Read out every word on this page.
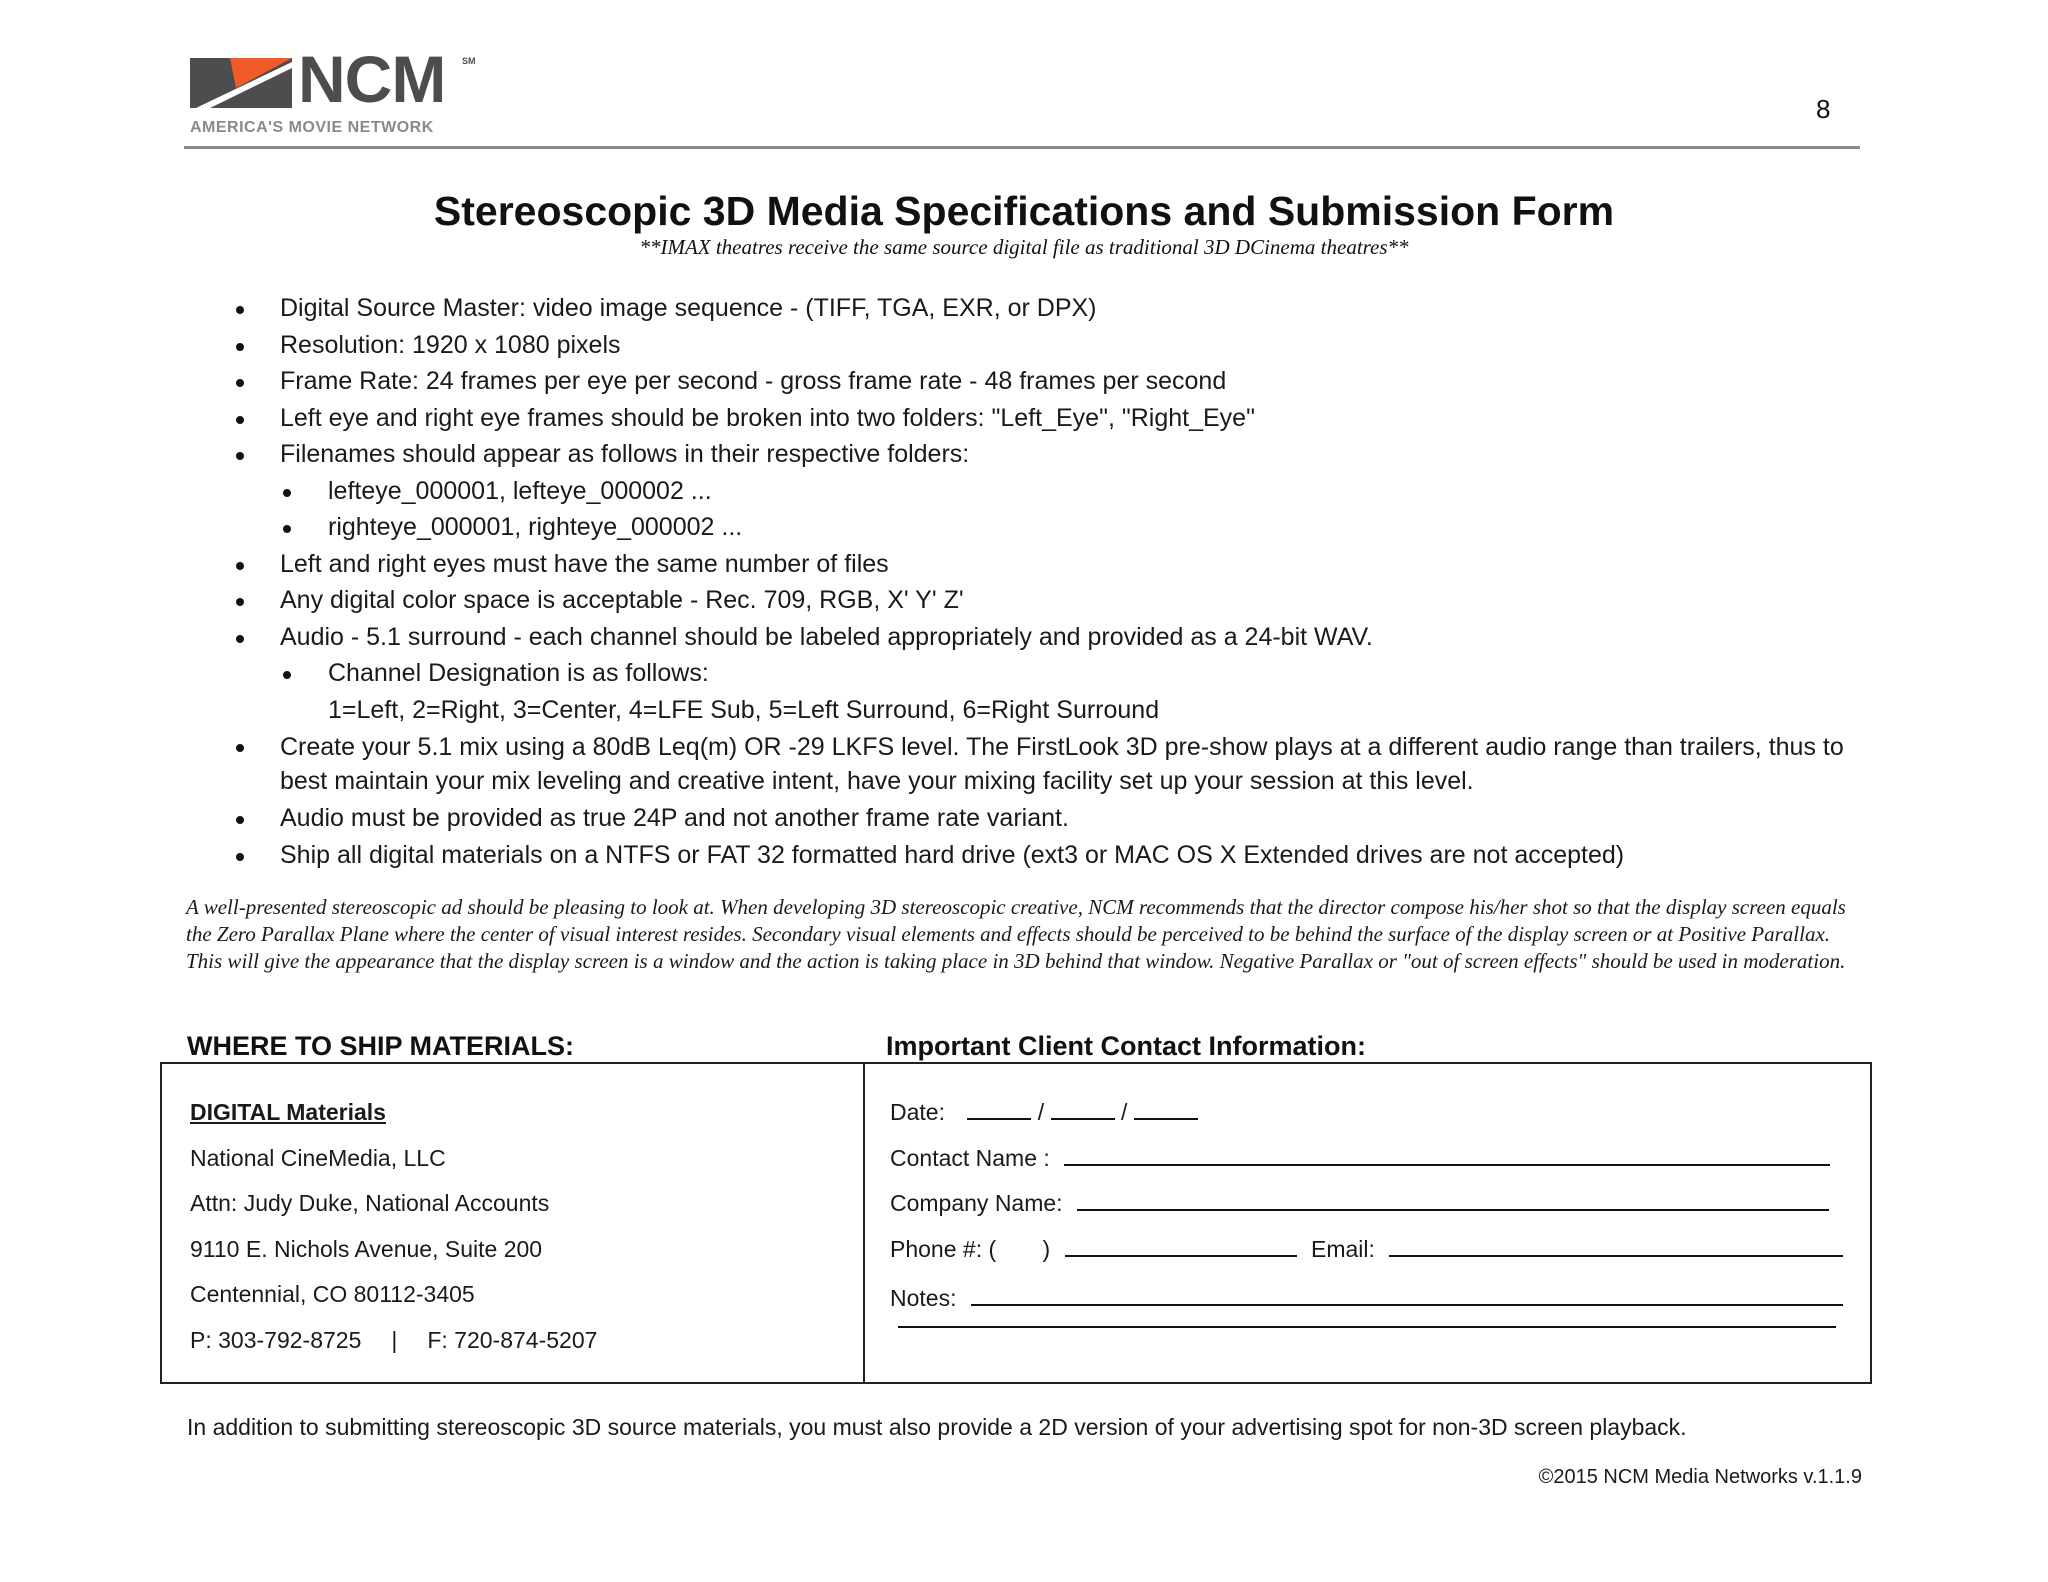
NCM SM
AMERICA'S MOVIE NETWORK
8
Stereoscopic 3D Media Specifications and Submission Form
**IMAX theatres receive the same source digital file as traditional 3D DCinema theatres**
Digital Source Master: video image sequence - (TIFF, TGA, EXR, or DPX)
Resolution: 1920 x 1080 pixels
Frame Rate: 24 frames per eye per second - gross frame rate - 48 frames per second
Left eye and right eye frames should be broken into two folders: "Left_Eye", "Right_Eye"
Filenames should appear as follows in their respective folders:
lefteye_000001, lefteye_000002 ...
righteye_000001, righteye_000002 ...
Left and right eyes must have the same number of files
Any digital color space is acceptable - Rec. 709, RGB, X' Y' Z'
Audio - 5.1 surround - each channel should be labeled appropriately and provided as a 24-bit WAV.
Channel Designation is as follows:
1=Left, 2=Right, 3=Center, 4=LFE Sub, 5=Left Surround, 6=Right Surround
Create your 5.1 mix using a 80dB Leq(m) OR -29 LKFS level. The FirstLook 3D pre-show plays at a different audio range than trailers, thus to best maintain your mix leveling and creative intent, have your mixing facility set up your session at this level.
Audio must be provided as true 24P and not another frame rate variant.
Ship all digital materials on a NTFS or FAT 32 formatted hard drive (ext3 or MAC OS X Extended drives are not accepted)

A well-presented stereoscopic ad should be pleasing to look at. When developing 3D stereoscopic creative, NCM recommends that the director compose his/her shot so that the display screen equals the Zero Parallax Plane where the center of visual interest resides. Secondary visual elements and effects should be perceived to be behind the surface of the display screen or at Positive Parallax. This will give the appearance that the display screen is a window and the action is taking place in 3D behind that window. Negative Parallax or "out of screen effects" should be used in moderation.

WHERE TO SHIP MATERIALS:	Important Client Contact Information:
DIGITAL Materials
National CineMedia, LLC
Attn: Judy Duke, National Accounts
9110 E. Nichols Avenue, Suite 200
Centennial, CO 80112-3405
P: 303-792-8725 | F: 720-874-5207
Date:	/	/
Contact Name :
Company Name:
Phone #: ( )	Email:
Notes:
In addition to submitting stereoscopic 3D source materials, you must also provide a 2D version of your advertising spot for non-3D screen playback.
©2015 NCM Media Networks v.1.1.9
